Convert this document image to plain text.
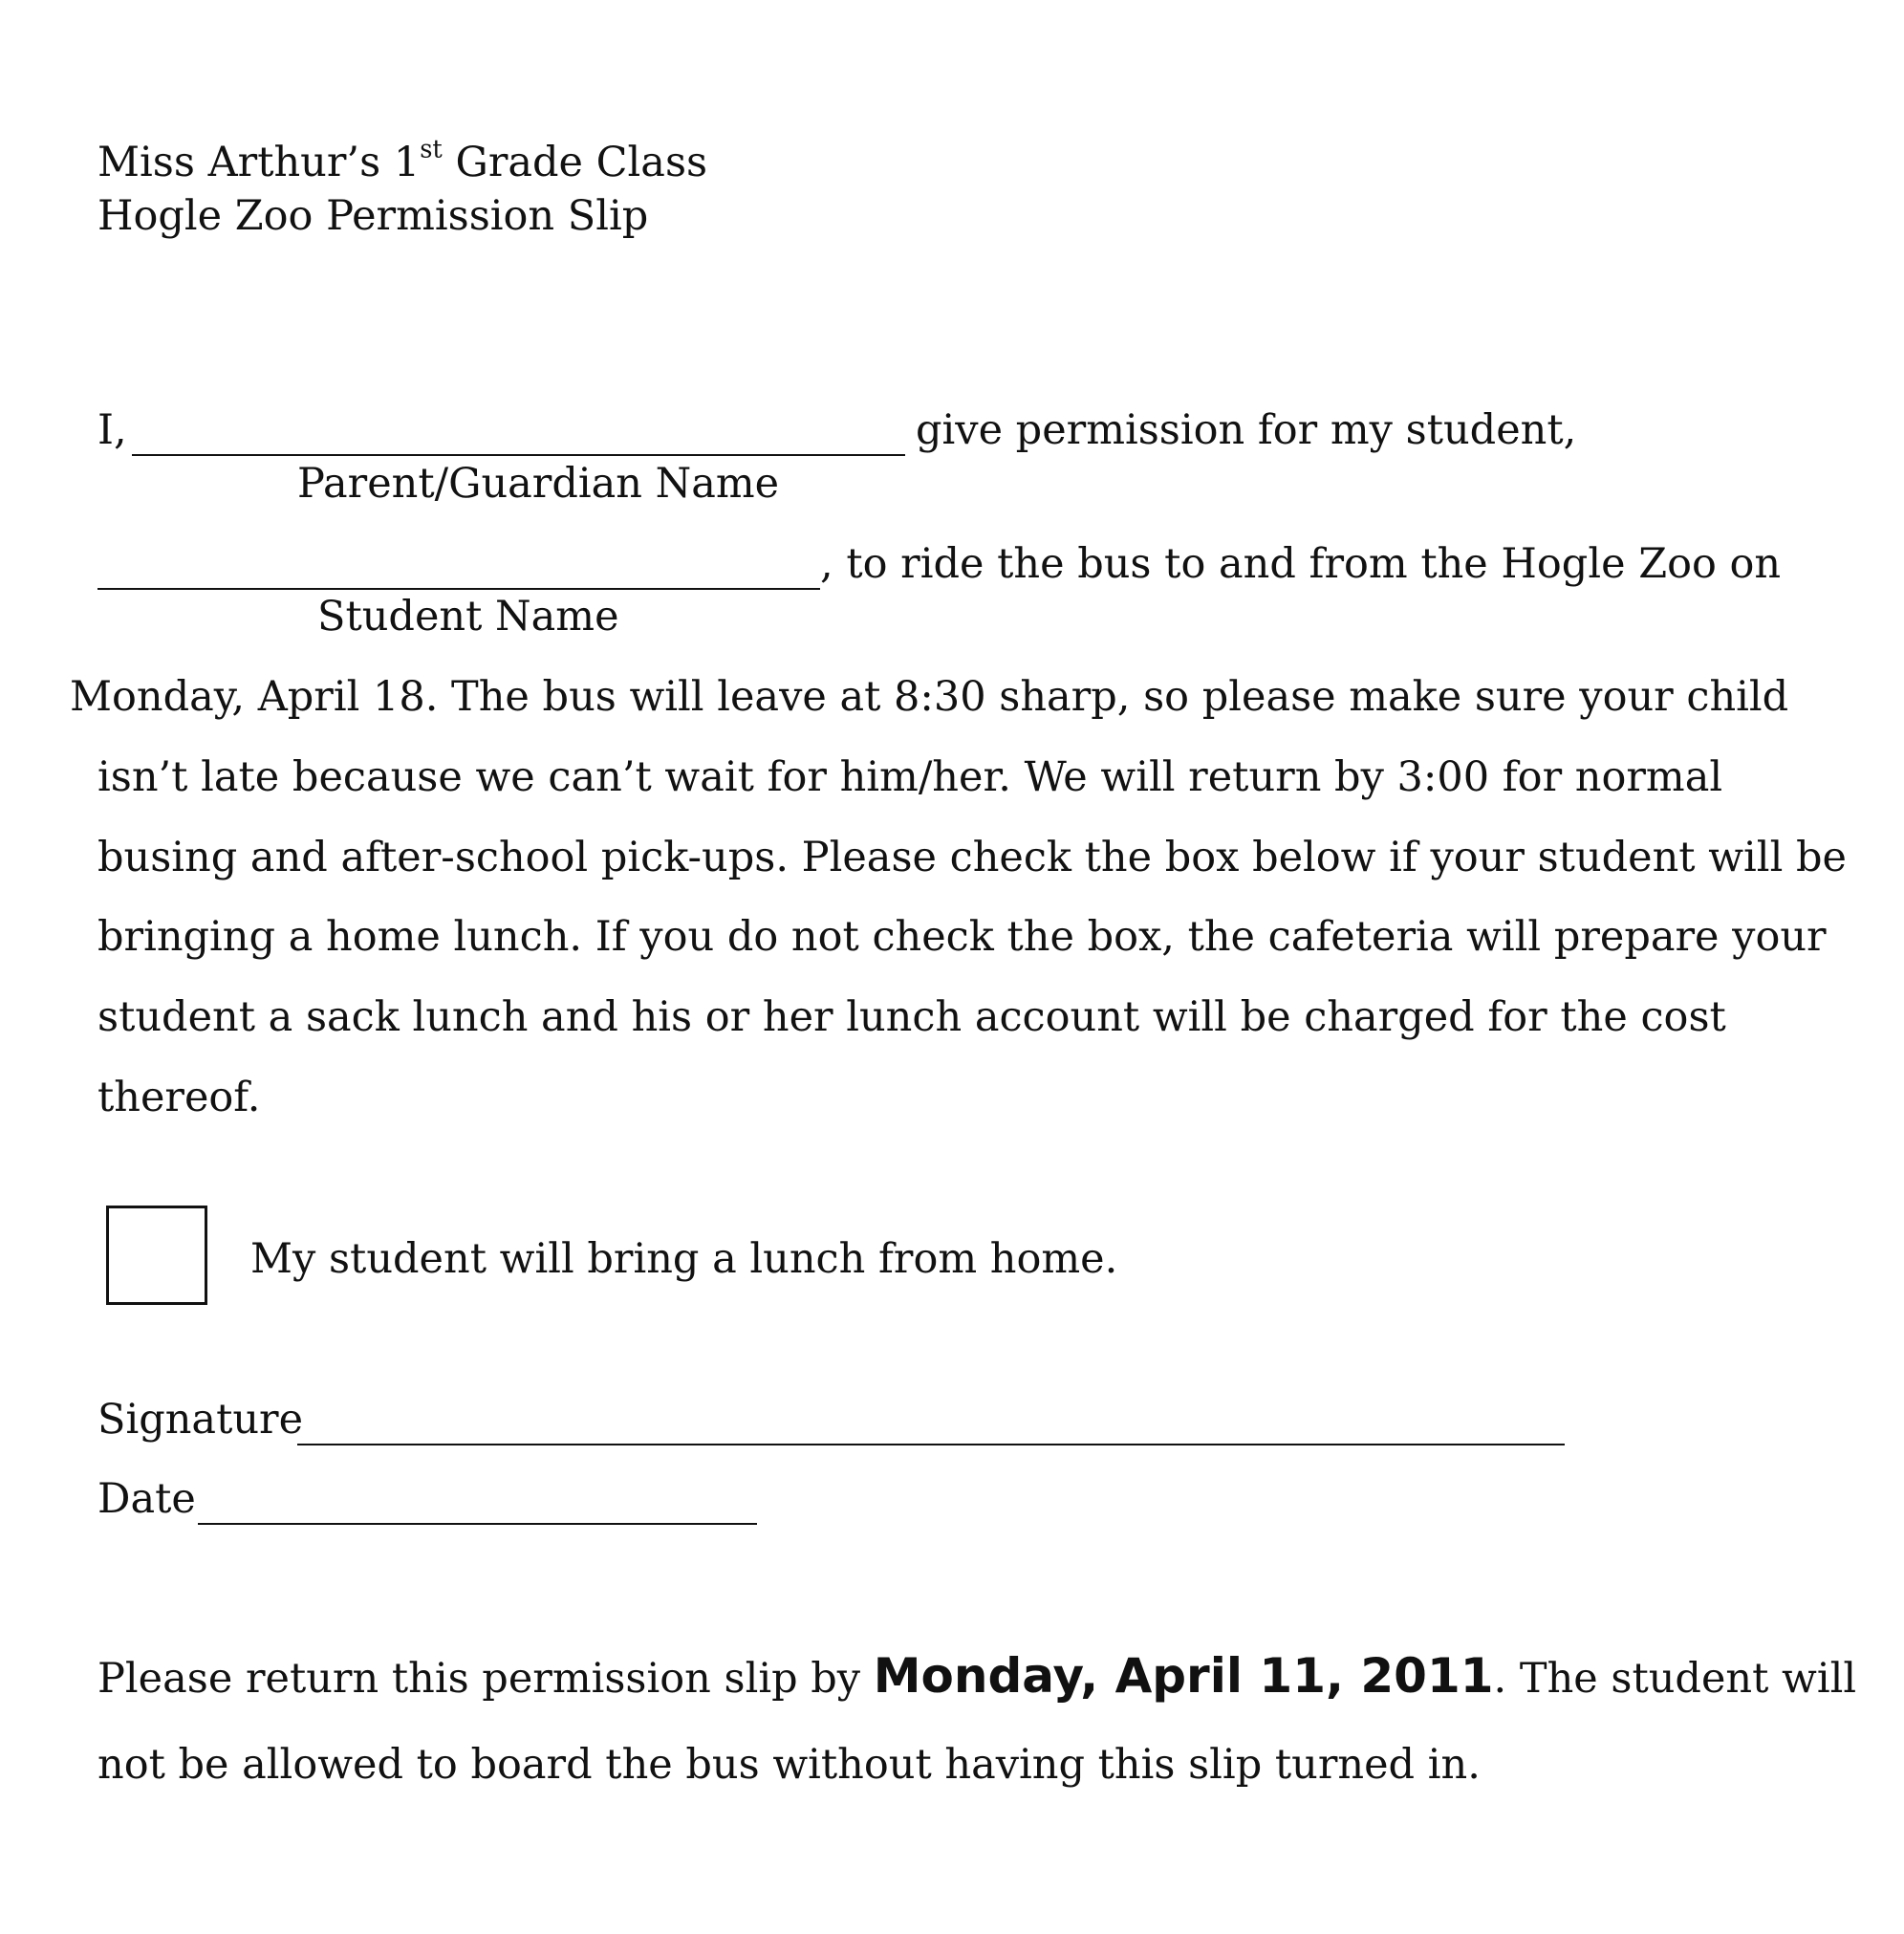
Miss Arthur’s 1st Grade Class
Hogle Zoo Permission Slip
I,	give permission for my student,
Parent/Guardian Name
, to ride the bus to and from the Hogle Zoo on
Student Name
Monday, April 18. The bus will leave at 8:30 sharp, so please make sure your child
isn’t late because we can’t wait for him/her. We will return by 3:00 for normal
busing and after-school pick-ups. Please check the box below if your student will be
bringing a home lunch. If you do not check the box, the cafeteria will prepare your
student a sack lunch and his or her lunch account will be charged for the cost
thereof.
My student will bring a lunch from home.
Signature
Date
Please return this permission slip by Monday, April 11, 2011. The student will
not be allowed to board the bus without having this slip turned in.
